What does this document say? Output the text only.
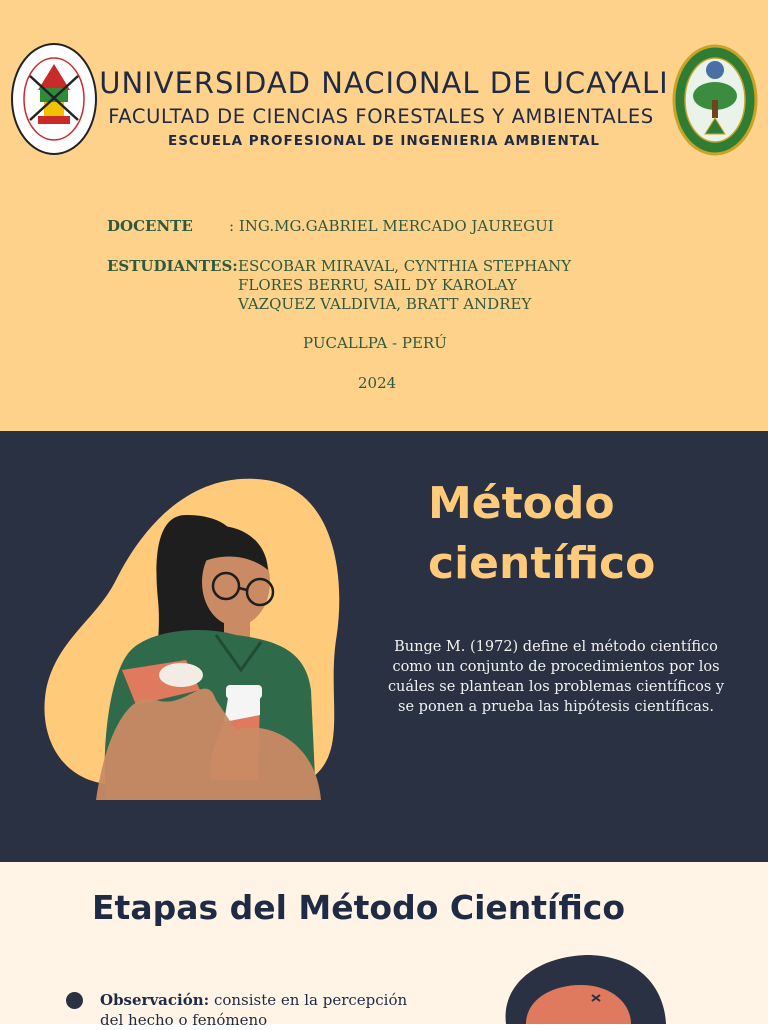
UNIVERSIDAD NACIONAL DE UCAYALI
FACULTAD DE CIENCIAS FORESTALES Y AMBIENTALES
ESCUELA PROFESIONAL DE INGENIERIA AMBIENTAL
DOCENTE : ING.MG.GABRIEL MERCADO JAUREGUI
ESTUDIANTES: ESCOBAR MIRAVAL, CYNTHIA STEPHANY
FLORES BERRU, SAIL DY KAROLAY
VAZQUEZ VALDIVIA, BRATT ANDREY
PUCALLPA - PERÚ
2024
Método
científico
Bunge M. (1972) define el método científico como un conjunto de procedimientos por los cuáles se plantean los problemas científicos y se ponen a prueba las hipótesis científicas.
Etapas del Método Científico
Observación: consiste en la percepción del hecho o fenómeno
